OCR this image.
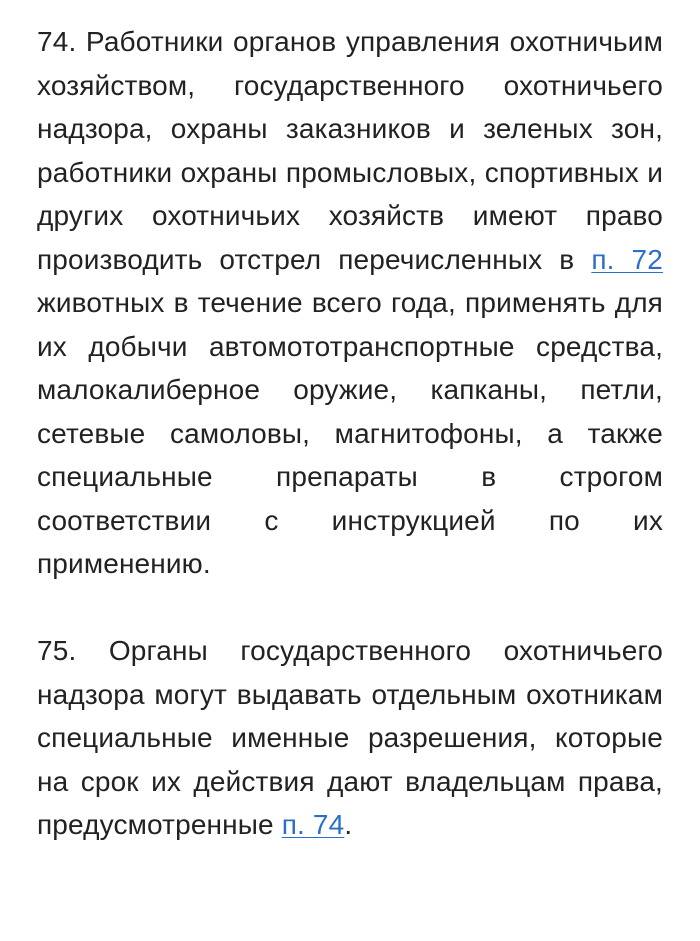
74. Работники органов управления охотничьим хозяйством, государственного охотничьего надзора, охраны заказников и зеленых зон, работники охраны промысловых, спортивных и других охотничьих хозяйств имеют право производить отстрел перечисленных в п. 72 животных в течение всего года, применять для их добычи автомототранспортные средства, малокалиберное оружие, капканы, петли, сетевые самоловы, магнитофоны, а также специальные препараты в строгом соответствии с инструкцией по их применению.

75. Органы государственного охотничьего надзора могут выдавать отдельным охотникам специальные именные разрешения, которые на срок их действия дают владельцам права, предусмотренные п. 74.
